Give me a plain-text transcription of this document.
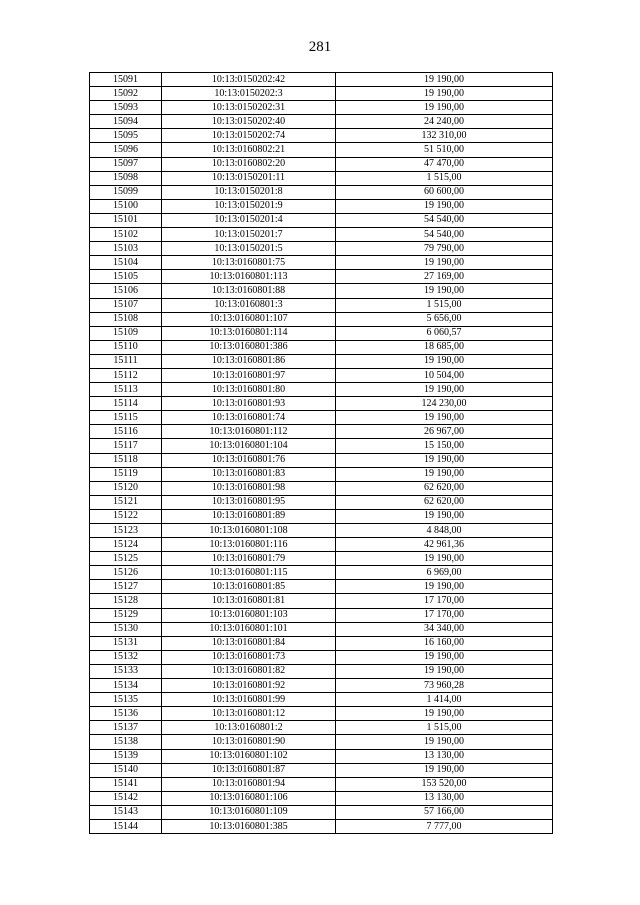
281
15091	10:13:0150202:42	19 190,00
15092	10:13:0150202:3	19 190,00
15093	10:13:0150202:31	19 190,00
15094	10:13:0150202:40	24 240,00
15095	10:13:0150202:74	132 310,00
15096	10:13:0160802:21	51 510,00
15097	10:13:0160802:20	47 470,00
15098	10:13:0150201:11	1 515,00
15099	10:13:0150201:8	60 600,00
15100	10:13:0150201:9	19 190,00
15101	10:13:0150201:4	54 540,00
15102	10:13:0150201:7	54 540,00
15103	10:13:0150201:5	79 790,00
15104	10:13:0160801:75	19 190,00
15105	10:13:0160801:113	27 169,00
15106	10:13:0160801:88	19 190,00
15107	10:13:0160801:3	1 515,00
15108	10:13:0160801:107	5 656,00
15109	10:13:0160801:114	6 060,57
15110	10:13:0160801:386	18 685,00
15111	10:13:0160801:86	19 190,00
15112	10:13:0160801:97	10 504,00
15113	10:13:0160801:80	19 190,00
15114	10:13:0160801:93	124 230,00
15115	10:13:0160801:74	19 190,00
15116	10:13:0160801:112	26 967,00
15117	10:13:0160801:104	15 150,00
15118	10:13:0160801:76	19 190,00
15119	10:13:0160801:83	19 190,00
15120	10:13:0160801:98	62 620,00
15121	10:13:0160801:95	62 620,00
15122	10:13:0160801:89	19 190,00
15123	10:13:0160801:108	4 848,00
15124	10:13:0160801:116	42 961,36
15125	10:13:0160801:79	19 190,00
15126	10:13:0160801:115	6 969,00
15127	10:13:0160801:85	19 190,00
15128	10:13:0160801:81	17 170,00
15129	10:13:0160801:103	17 170,00
15130	10:13:0160801:101	34 340,00
15131	10:13:0160801:84	16 160,00
15132	10:13:0160801:73	19 190,00
15133	10:13:0160801:82	19 190,00
15134	10:13:0160801:92	73 960,28
15135	10:13:0160801:99	1 414,00
15136	10:13:0160801:12	19 190,00
15137	10:13:0160801:2	1 515,00
15138	10:13:0160801:90	19 190,00
15139	10:13:0160801:102	13 130,00
15140	10:13:0160801:87	19 190,00
15141	10:13:0160801:94	153 520,00
15142	10:13:0160801:106	13 130,00
15143	10:13:0160801:109	57 166,00
15144	10:13:0160801:385	7 777,00
